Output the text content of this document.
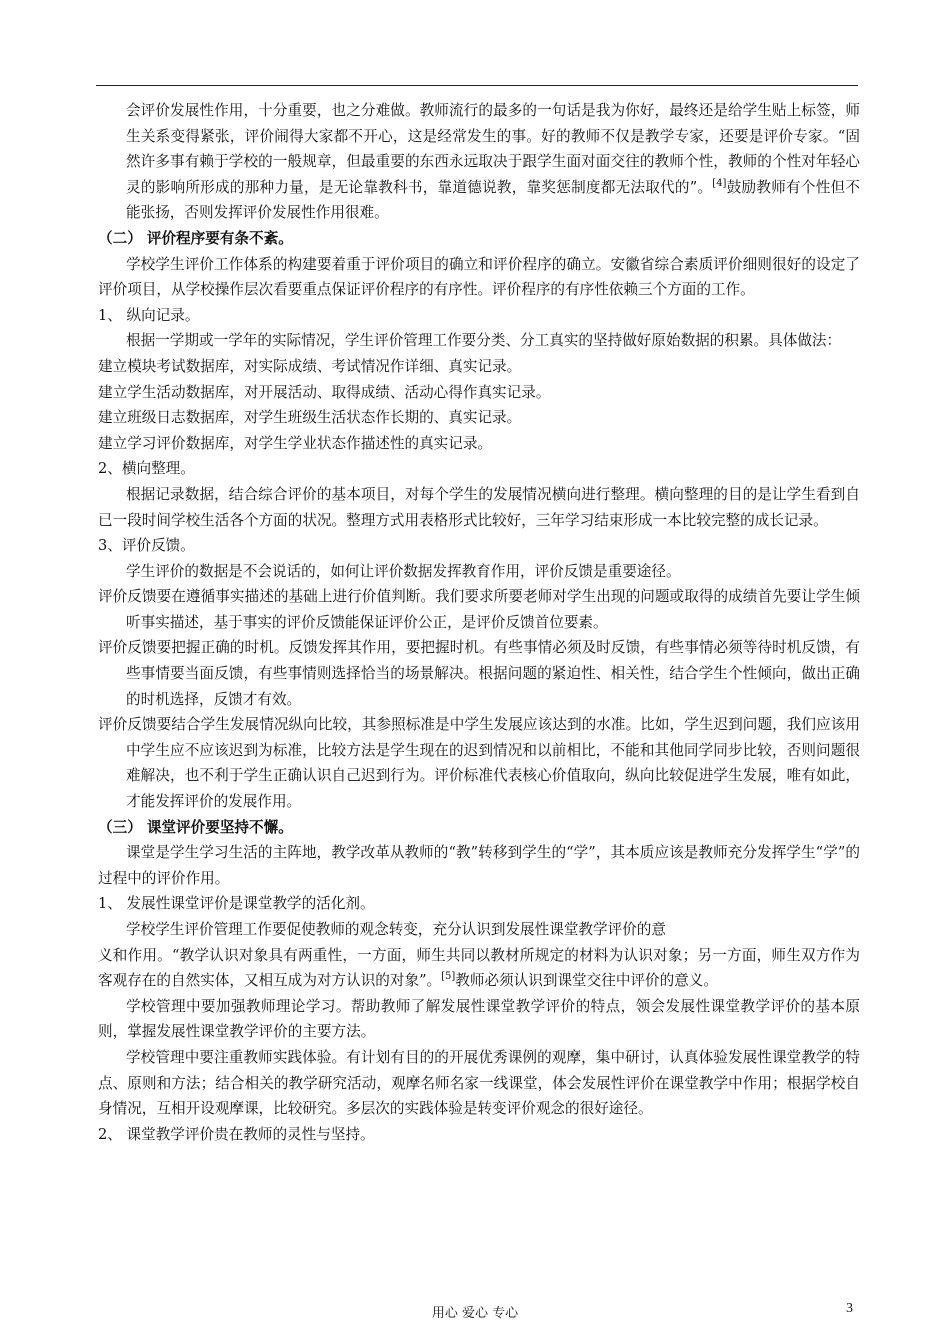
会评价发展性作用，十分重要，也之分难做。教师流行的最多的一句话是我为你好，最终还是给学生贴上标签，师生关系变得紧张，评价闹得大家都不开心，这是经常发生的事。好的教师不仅是教学专家，还要是评价专家。“固然许多事有赖于学校的一般规章，但最重要的东西永远取决于跟学生面对面交往的教师个性，教师的个性对年轻心灵的影响所形成的那种力量，是无论靠教科书，靠道德说教，靠奖惩制度都无法取代的”。[4]鼓励教师有个性但不能张扬，否则发挥评价发展性作用很难。

（二） 评价程序要有条不紊。

学校学生评价工作体系的构建要着重于评价项目的确立和评价程序的确立。安徽省综合素质评价细则很好的设定了评价项目，从学校操作层次看要重点保证评价程序的有序性。评价程序的有序性依赖三个方面的工作。

1、 纵向记录。

根据一学期或一学年的实际情况，学生评价管理工作要分类、分工真实的坚持做好原始数据的积累。具体做法：

建立模块考试数据库，对实际成绩、考试情况作详细、真实记录。

建立学生活动数据库，对开展活动、取得成绩、活动心得作真实记录。

建立班级日志数据库，对学生班级生活状态作长期的、真实记录。

建立学习评价数据库，对学生学业状态作描述性的真实记录。

2、横向整理。

根据记录数据，结合综合评价的基本项目，对每个学生的发展情况横向进行整理。横向整理的目的是让学生看到自已一段时间学校生活各个方面的状况。整理方式用表格形式比较好，三年学习结束形成一本比较完整的成长记录。

3、评价反馈。

学生评价的数据是不会说话的，如何让评价数据发挥教育作用，评价反馈是重要途径。

评价反馈要在遵循事实描述的基础上进行价值判断。我们要求所要老师对学生出现的问题或取得的成绩首先要让学生倾听事实描述，基于事实的评价反馈能保证评价公正，是评价反馈首位要素。

评价反馈要把握正确的时机。反馈发挥其作用，要把握时机。有些事情必须及时反馈，有些事情必须等待时机反馈，有些事情要当面反馈，有些事情则选择恰当的场景解决。根据问题的紧迫性、相关性，结合学生个性倾向，做出正确的时机选择，反馈才有效。

评价反馈要结合学生发展情况纵向比较，其参照标准是中学生发展应该达到的水准。比如，学生迟到问题，我们应该用中学生应不应该迟到为标准，比较方法是学生现在的迟到情况和以前相比，不能和其他同学同步比较，否则问题很难解决，也不利于学生正确认识自己迟到行为。评价标准代表核心价值取向，纵向比较促进学生发展，唯有如此，才能发挥评价的发展作用。

（三） 课堂评价要坚持不懈。

课堂是学生学习生活的主阵地，教学改革从教师的“教”转移到学生的“学”，其本质应该是教师充分发挥学生“学”的过程中的评价作用。

1、 发展性课堂评价是课堂教学的活化剂。

学校学生评价管理工作要促使教师的观念转变，充分认识到发展性课堂教学评价的意

义和作用。“教学认识对象具有两重性，一方面，师生共同以教材所规定的材料为认识对象；另一方面，师生双方作为客观存在的自然实体，又相互成为对方认识的对象”。[5]教师必须认识到课堂交往中评价的意义。

学校管理中要加强教师理论学习。帮助教师了解发展性课堂教学评价的特点，领会发展性课堂教学评价的基本原则，掌握发展性课堂教学评价的主要方法。

学校管理中要注重教师实践体验。有计划有目的的开展优秀课例的观摩，集中研讨，认真体验发展性课堂教学的特点、原则和方法；结合相关的教学研究活动，观摩名师名家一线课堂，体会发展性评价在课堂教学中作用；根据学校自身情况，互相开设观摩课，比较研究。多层次的实践体验是转变评价观念的很好途径。

2、 课堂教学评价贵在教师的灵性与坚持。

用心 爱心 专心	3
